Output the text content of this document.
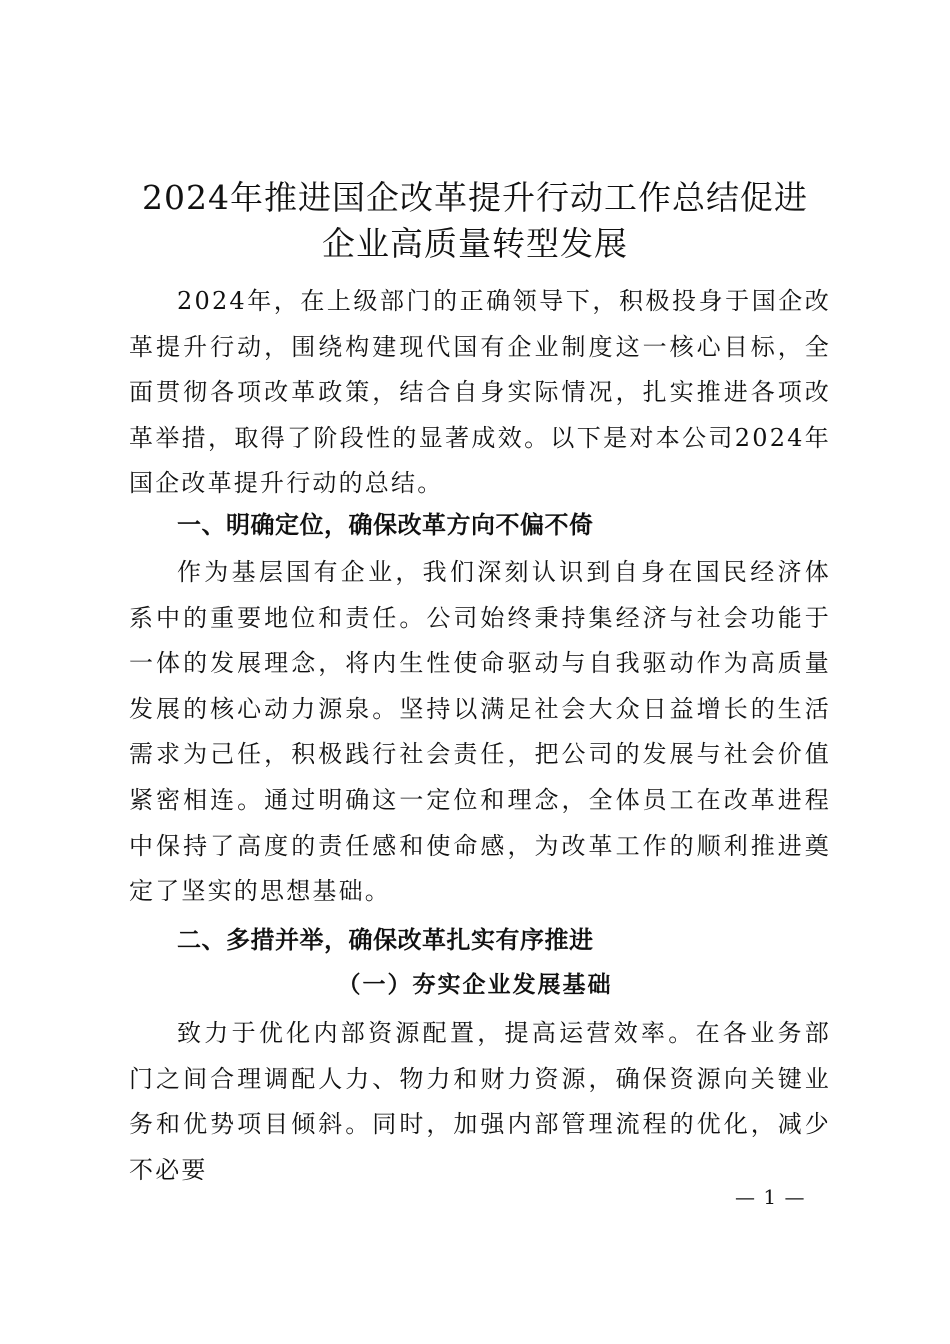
2024年推进国企改革提升行动工作总结促进
企业高质量转型发展

2024年，在上级部门的正确领导下，积极投身于国企改革提升行动，围绕构建现代国有企业制度这一核心目标，全面贯彻各项改革政策，结合自身实际情况，扎实推进各项改革举措，取得了阶段性的显著成效。以下是对本公司2024年国企改革提升行动的总结。

一、明确定位，确保改革方向不偏不倚

作为基层国有企业，我们深刻认识到自身在国民经济体系中的重要地位和责任。公司始终秉持集经济与社会功能于一体的发展理念，将内生性使命驱动与自我驱动作为高质量发展的核心动力源泉。坚持以满足社会大众日益增长的生活需求为己任，积极践行社会责任，把公司的发展与社会价值紧密相连。通过明确这一定位和理念，全体员工在改革进程中保持了高度的责任感和使命感，为改革工作的顺利推进奠定了坚实的思想基础。

二、多措并举，确保改革扎实有序推进
（一）夯实企业发展基础

致力于优化内部资源配置，提高运营效率。在各业务部门之间合理调配人力、物力和财力资源，确保资源向关键业务和优势项目倾斜。同时，加强内部管理流程的优化，减少不必要

— 1 —
